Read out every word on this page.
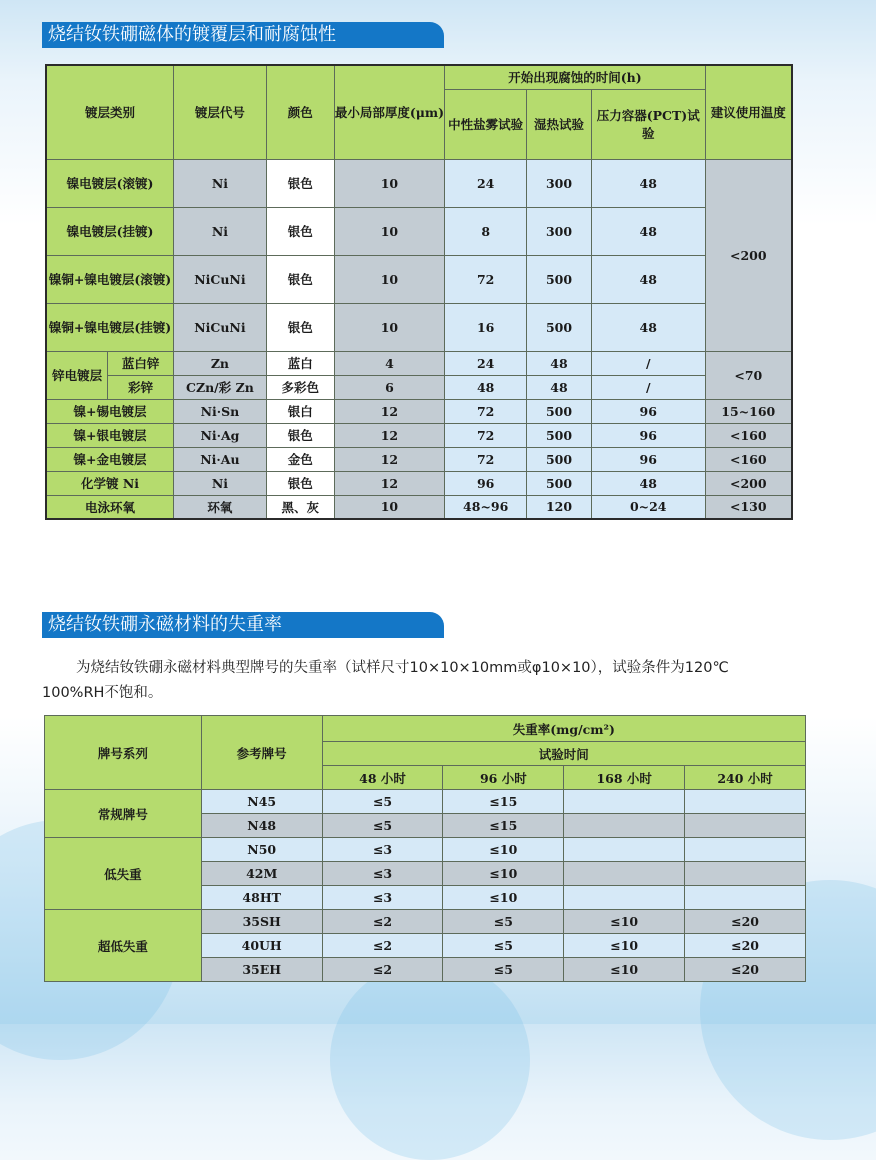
烧结钕铁硼磁体的镀覆层和耐腐蚀性
镀层类别		镀层代号	颜色	最小局部厚度(μm)	开始出现腐蚀的时间(h)			建议使用温度
					中性盐雾试验	湿热试验	压力容器(PCT)试验	
镍电镀层(滚镀)		Ni	银色	10	24	300	48	<200
镍电镀层(挂镀)		Ni	银色	10	8	300	48	
镍铜+镍电镀层(滚镀)		NiCuNi	银色	10	72	500	48	
镍铜+镍电镀层(挂镀)		NiCuNi	银色	10	16	500	48	
锌电镀层	蓝白锌	Zn	蓝白	4	24	48	/	<70
	彩锌	CZn/彩 Zn	多彩色	6	48	48	/	
镍+锡电镀层		Ni·Sn	银白	12	72	500	96	15~160
镍+银电镀层		Ni·Ag	银色	12	72	500	96	<160
镍+金电镀层		Ni·Au	金色	12	72	500	96	<160
化学镀 Ni		Ni	银色	12	96	500	48	<200
电泳环氧		环氧	黑、灰	10	48~96	120	0~24	<130
烧结钕铁硼永磁材料的失重率
为烧结钕铁硼永磁材料典型牌号的失重率（试样尺寸10×10×10mm或φ10×10），试验条件为120℃
100%RH不饱和。
牌号系列	参考牌号	失重率(mg/cm²)			
		试验时间			
		48 小时	96 小时	168 小时	240 小时
常规牌号	N45	≤5	≤15		
	N48	≤5	≤15		
低失重	N50	≤3	≤10		
	42M	≤3	≤10		
	48HT	≤3	≤10		
超低失重	35SH	≤2	≤5	≤10	≤20
	40UH	≤2	≤5	≤10	≤20
	35EH	≤2	≤5	≤10	≤20
